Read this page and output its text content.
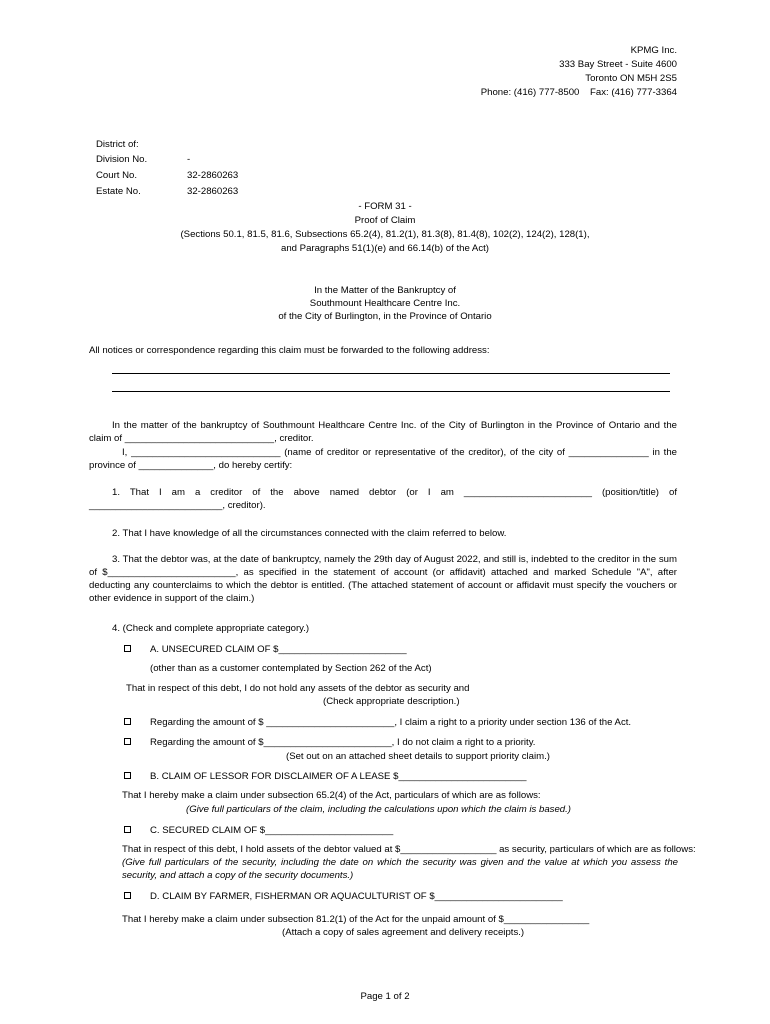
KPMG Inc.
333 Bay Street - Suite 4600
Toronto ON M5H 2S5
Phone: (416) 777-8500    Fax: (416) 777-3364
District of:
Division No.	-
Court No.	32-2860263
Estate No.	32-2860263
- FORM 31 -
Proof of Claim
(Sections 50.1, 81.5, 81.6, Subsections 65.2(4), 81.2(1), 81.3(8), 81.4(8), 102(2), 124(2), 128(1),
and Paragraphs 51(1)(e) and 66.14(b) of the Act)
In the Matter of the Bankruptcy of
Southmount Healthcare Centre Inc.
of the City of Burlington, in the Province of Ontario
All notices or correspondence regarding this claim must be forwarded to the following address:
In the matter of the bankruptcy of Southmount Healthcare Centre Inc. of the City of Burlington in the Province of Ontario and the claim of ____________________________, creditor.
I, ____________________________ (name of creditor or representative of the creditor), of the city of _______________ in the province of ______________, do hereby certify:
1. That I am a creditor of the above named debtor (or I am ________________________ (position/title) of _________________________, creditor).
2. That I have knowledge of all the circumstances connected with the claim referred to below.
3. That the debtor was, at the date of bankruptcy, namely the 29th day of August 2022, and still is, indebted to the creditor in the sum of $________________________, as specified in the statement of account (or affidavit) attached and marked Schedule "A", after deducting any counterclaims to which the debtor is entitled. (The attached statement of account or affidavit must specify the vouchers or other evidence in support of the claim.)
4. (Check and complete appropriate category.)
A. UNSECURED CLAIM OF $________________________
(other than as a customer contemplated by Section 262 of the Act)
That in respect of this debt, I do not hold any assets of the debtor as security and
(Check appropriate description.)
Regarding the amount of $ ________________________, I claim a right to a priority under section 136 of the Act.
Regarding the amount of $________________________, I do not claim a right to a priority.
(Set out on an attached sheet details to support priority claim.)
B. CLAIM OF LESSOR FOR DISCLAIMER OF A LEASE $________________________
That I hereby make a claim under subsection 65.2(4) of the Act, particulars of which are as follows:
(Give full particulars of the claim, including the calculations upon which the claim is based.)
C. SECURED CLAIM OF $________________________
That in respect of this debt, I hold assets of the debtor valued at $__________________ as security, particulars of which are as follows:
(Give full particulars of the security, including the date on which the security was given and the value at which you assess the security, and attach a copy of the security documents.)
D. CLAIM BY FARMER, FISHERMAN OR AQUACULTURIST OF $________________________
That I hereby make a claim under subsection 81.2(1) of the Act for the unpaid amount of $________________
(Attach a copy of sales agreement and delivery receipts.)
Page 1 of 2
